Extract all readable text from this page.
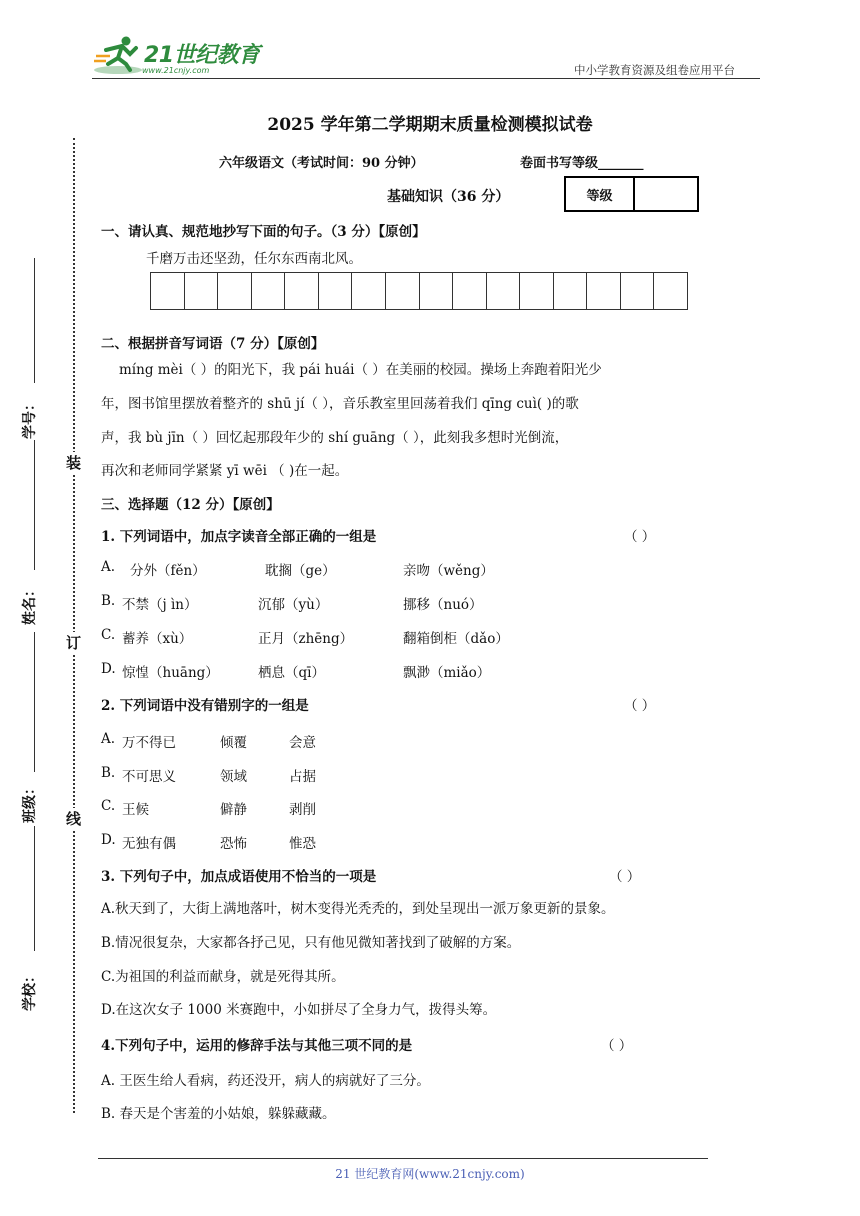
21世纪教育
www.21cnjy.com	中小学教育资源及组卷应用平台
装
订
线
学号：
姓名：
班级：
学校：
2025 学年第二学期期末质量检测模拟试卷
六年级语文（考试时间：90 分钟）	卷面书写等级_______
基础知识（36 分）	等级
一、请认真、规范地抄写下面的句子。（3 分）【原创】
千磨万击还坚劲，任尔东西南北风。
二、根据拼音写词语（7 分）【原创】
míng mèi（ ）的阳光下，我 pái huái（ ）在美丽的校园。操场上奔跑着阳光少
年，图书馆里摆放着整齐的 shū jí（ ），音乐教室里回荡着我们 qīng cuì( )的歌
声，我 bù jīn（ ）回忆起那段年少的 shí guāng（ ），此刻我多想时光倒流，
再次和老师同学紧紧 yī wēi （ )在一起。
三、选择题（12 分）【原创】
1. 下列词语中，加点字读音全部正确的一组是	（ ）
A. 分外（fěn）	耽搁（ge）	亲吻（wěng）
B. 不禁（j ìn）	沉郁（yù）	挪移（nuó）
C. 蓄养（xù）	正月（zhēng）	翻箱倒柜（dǎo）
D. 惊惶（huāng）	栖息（qī）	飘渺（miǎo）
2. 下列词语中没有错别字的一组是	（ ）
A. 万不得已	倾覆	会意
B. 不可思义	领域	占据
C. 王候	僻静	剥削
D. 无独有偶	恐怖	惟恐
3. 下列句子中，加点成语使用不恰当的一项是	（ ）
A.秋天到了，大街上满地落叶，树木变得光秃秃的，到处呈现出一派万象更新的景象。
B.情况很复杂，大家都各抒己见，只有他见微知著找到了破解的方案。
C.为祖国的利益而献身，就是死得其所。
D.在这次女子 1000 米赛跑中，小如拼尽了全身力气，拨得头筹。
4.下列句子中，运用的修辞手法与其他三项不同的是	（ ）
A. 王医生给人看病，药还没开，病人的病就好了三分。
B. 春天是个害羞的小姑娘，躲躲藏藏。
21 世纪教育网(www.21cnjy.com)
